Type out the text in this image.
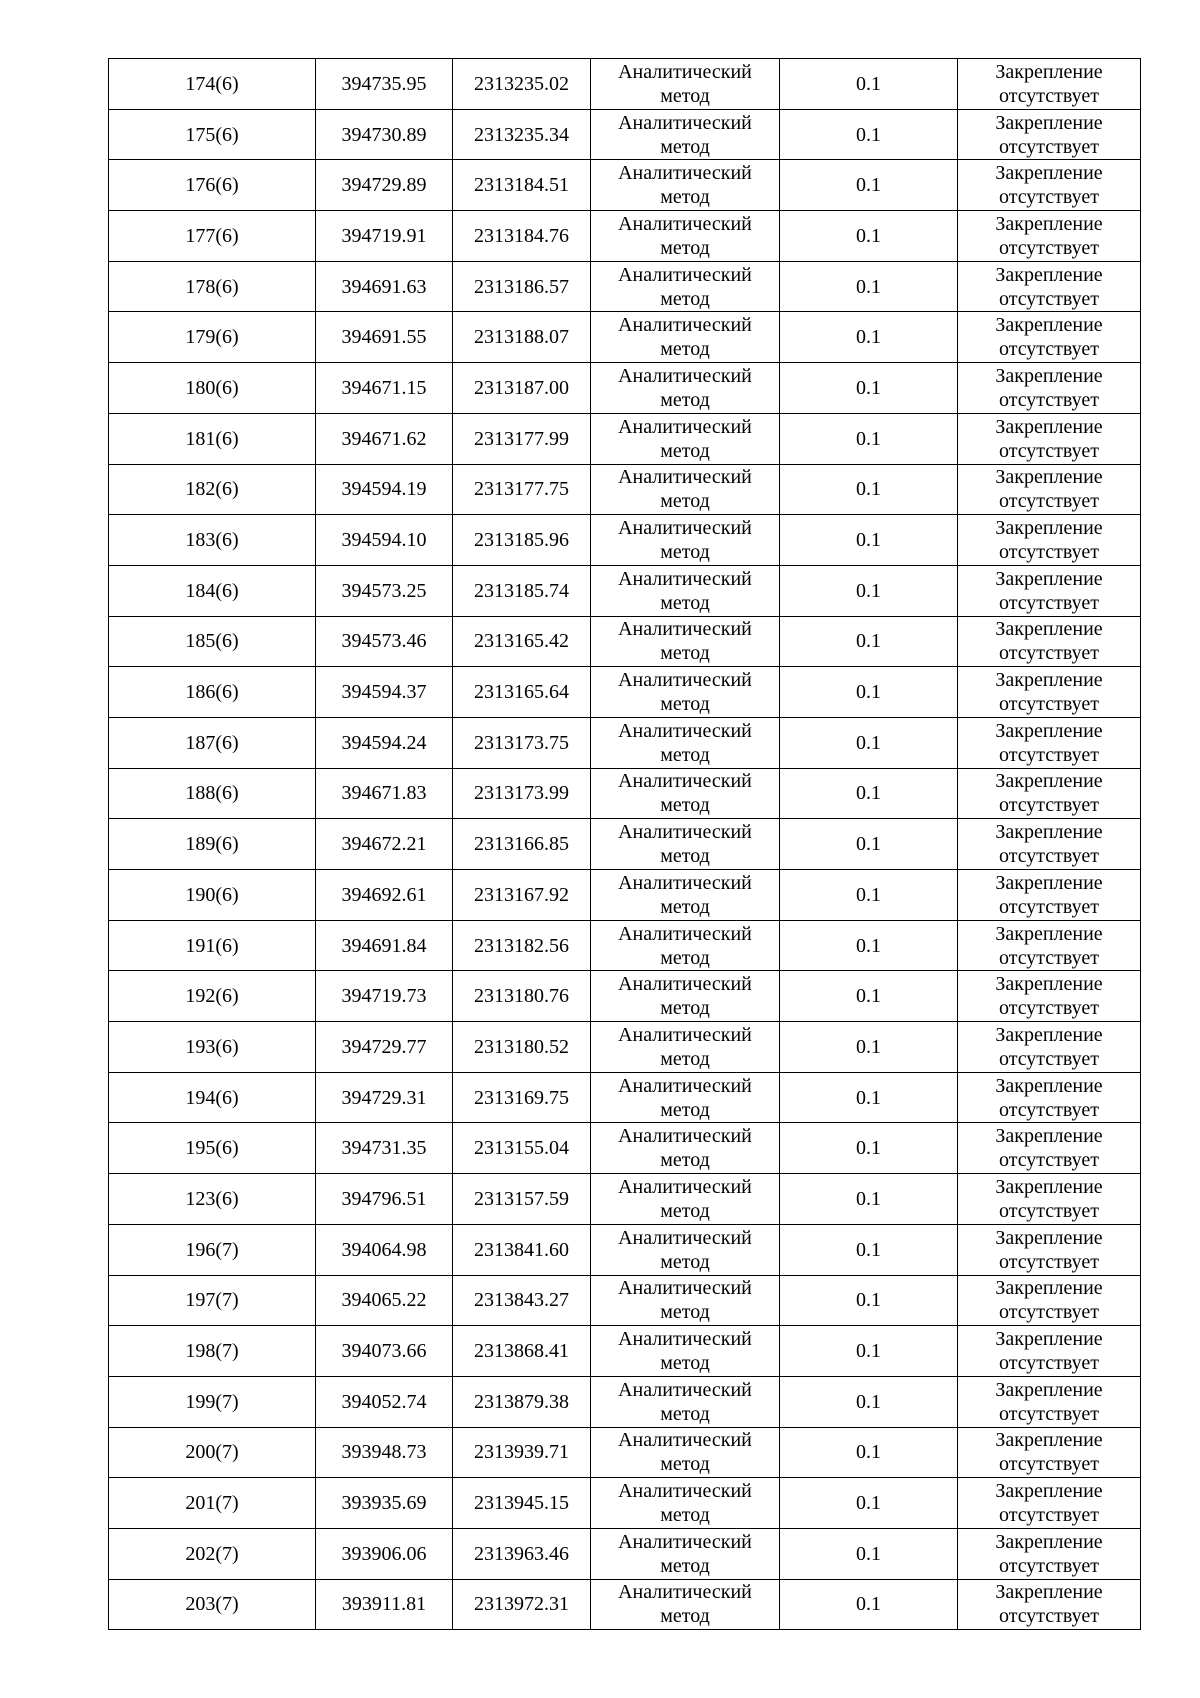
174(6)	394735.95	2313235.02	Аналитический
метод	0.1	Закрепление
отсутствует

175(6)	394730.89	2313235.34	Аналитический
метод	0.1	Закрепление
отсутствует

176(6)	394729.89	2313184.51	Аналитический
метод	0.1	Закрепление
отсутствует

177(6)	394719.91	2313184.76	Аналитический
метод	0.1	Закрепление
отсутствует

178(6)	394691.63	2313186.57	Аналитический
метод	0.1	Закрепление
отсутствует

179(6)	394691.55	2313188.07	Аналитический
метод	0.1	Закрепление
отсутствует

180(6)	394671.15	2313187.00	Аналитический
метод	0.1	Закрепление
отсутствует

181(6)	394671.62	2313177.99	Аналитический
метод	0.1	Закрепление
отсутствует

182(6)	394594.19	2313177.75	Аналитический
метод	0.1	Закрепление
отсутствует

183(6)	394594.10	2313185.96	Аналитический
метод	0.1	Закрепление
отсутствует

184(6)	394573.25	2313185.74	Аналитический
метод	0.1	Закрепление
отсутствует

185(6)	394573.46	2313165.42	Аналитический
метод	0.1	Закрепление
отсутствует

186(6)	394594.37	2313165.64	Аналитический
метод	0.1	Закрепление
отсутствует

187(6)	394594.24	2313173.75	Аналитический
метод	0.1	Закрепление
отсутствует

188(6)	394671.83	2313173.99	Аналитический
метод	0.1	Закрепление
отсутствует

189(6)	394672.21	2313166.85	Аналитический
метод	0.1	Закрепление
отсутствует

190(6)	394692.61	2313167.92	Аналитический
метод	0.1	Закрепление
отсутствует

191(6)	394691.84	2313182.56	Аналитический
метод	0.1	Закрепление
отсутствует

192(6)	394719.73	2313180.76	Аналитический
метод	0.1	Закрепление
отсутствует

193(6)	394729.77	2313180.52	Аналитический
метод	0.1	Закрепление
отсутствует

194(6)	394729.31	2313169.75	Аналитический
метод	0.1	Закрепление
отсутствует

195(6)	394731.35	2313155.04	Аналитический
метод	0.1	Закрепление
отсутствует

123(6)	394796.51	2313157.59	Аналитический
метод	0.1	Закрепление
отсутствует

196(7)	394064.98	2313841.60	Аналитический
метод	0.1	Закрепление
отсутствует

197(7)	394065.22	2313843.27	Аналитический
метод	0.1	Закрепление
отсутствует

198(7)	394073.66	2313868.41	Аналитический
метод	0.1	Закрепление
отсутствует

199(7)	394052.74	2313879.38	Аналитический
метод	0.1	Закрепление
отсутствует

200(7)	393948.73	2313939.71	Аналитический
метод	0.1	Закрепление
отсутствует

201(7)	393935.69	2313945.15	Аналитический
метод	0.1	Закрепление
отсутствует

202(7)	393906.06	2313963.46	Аналитический
метод	0.1	Закрепление
отсутствует

203(7)	393911.81	2313972.31	Аналитический
метод	0.1	Закрепление
отсутствует
